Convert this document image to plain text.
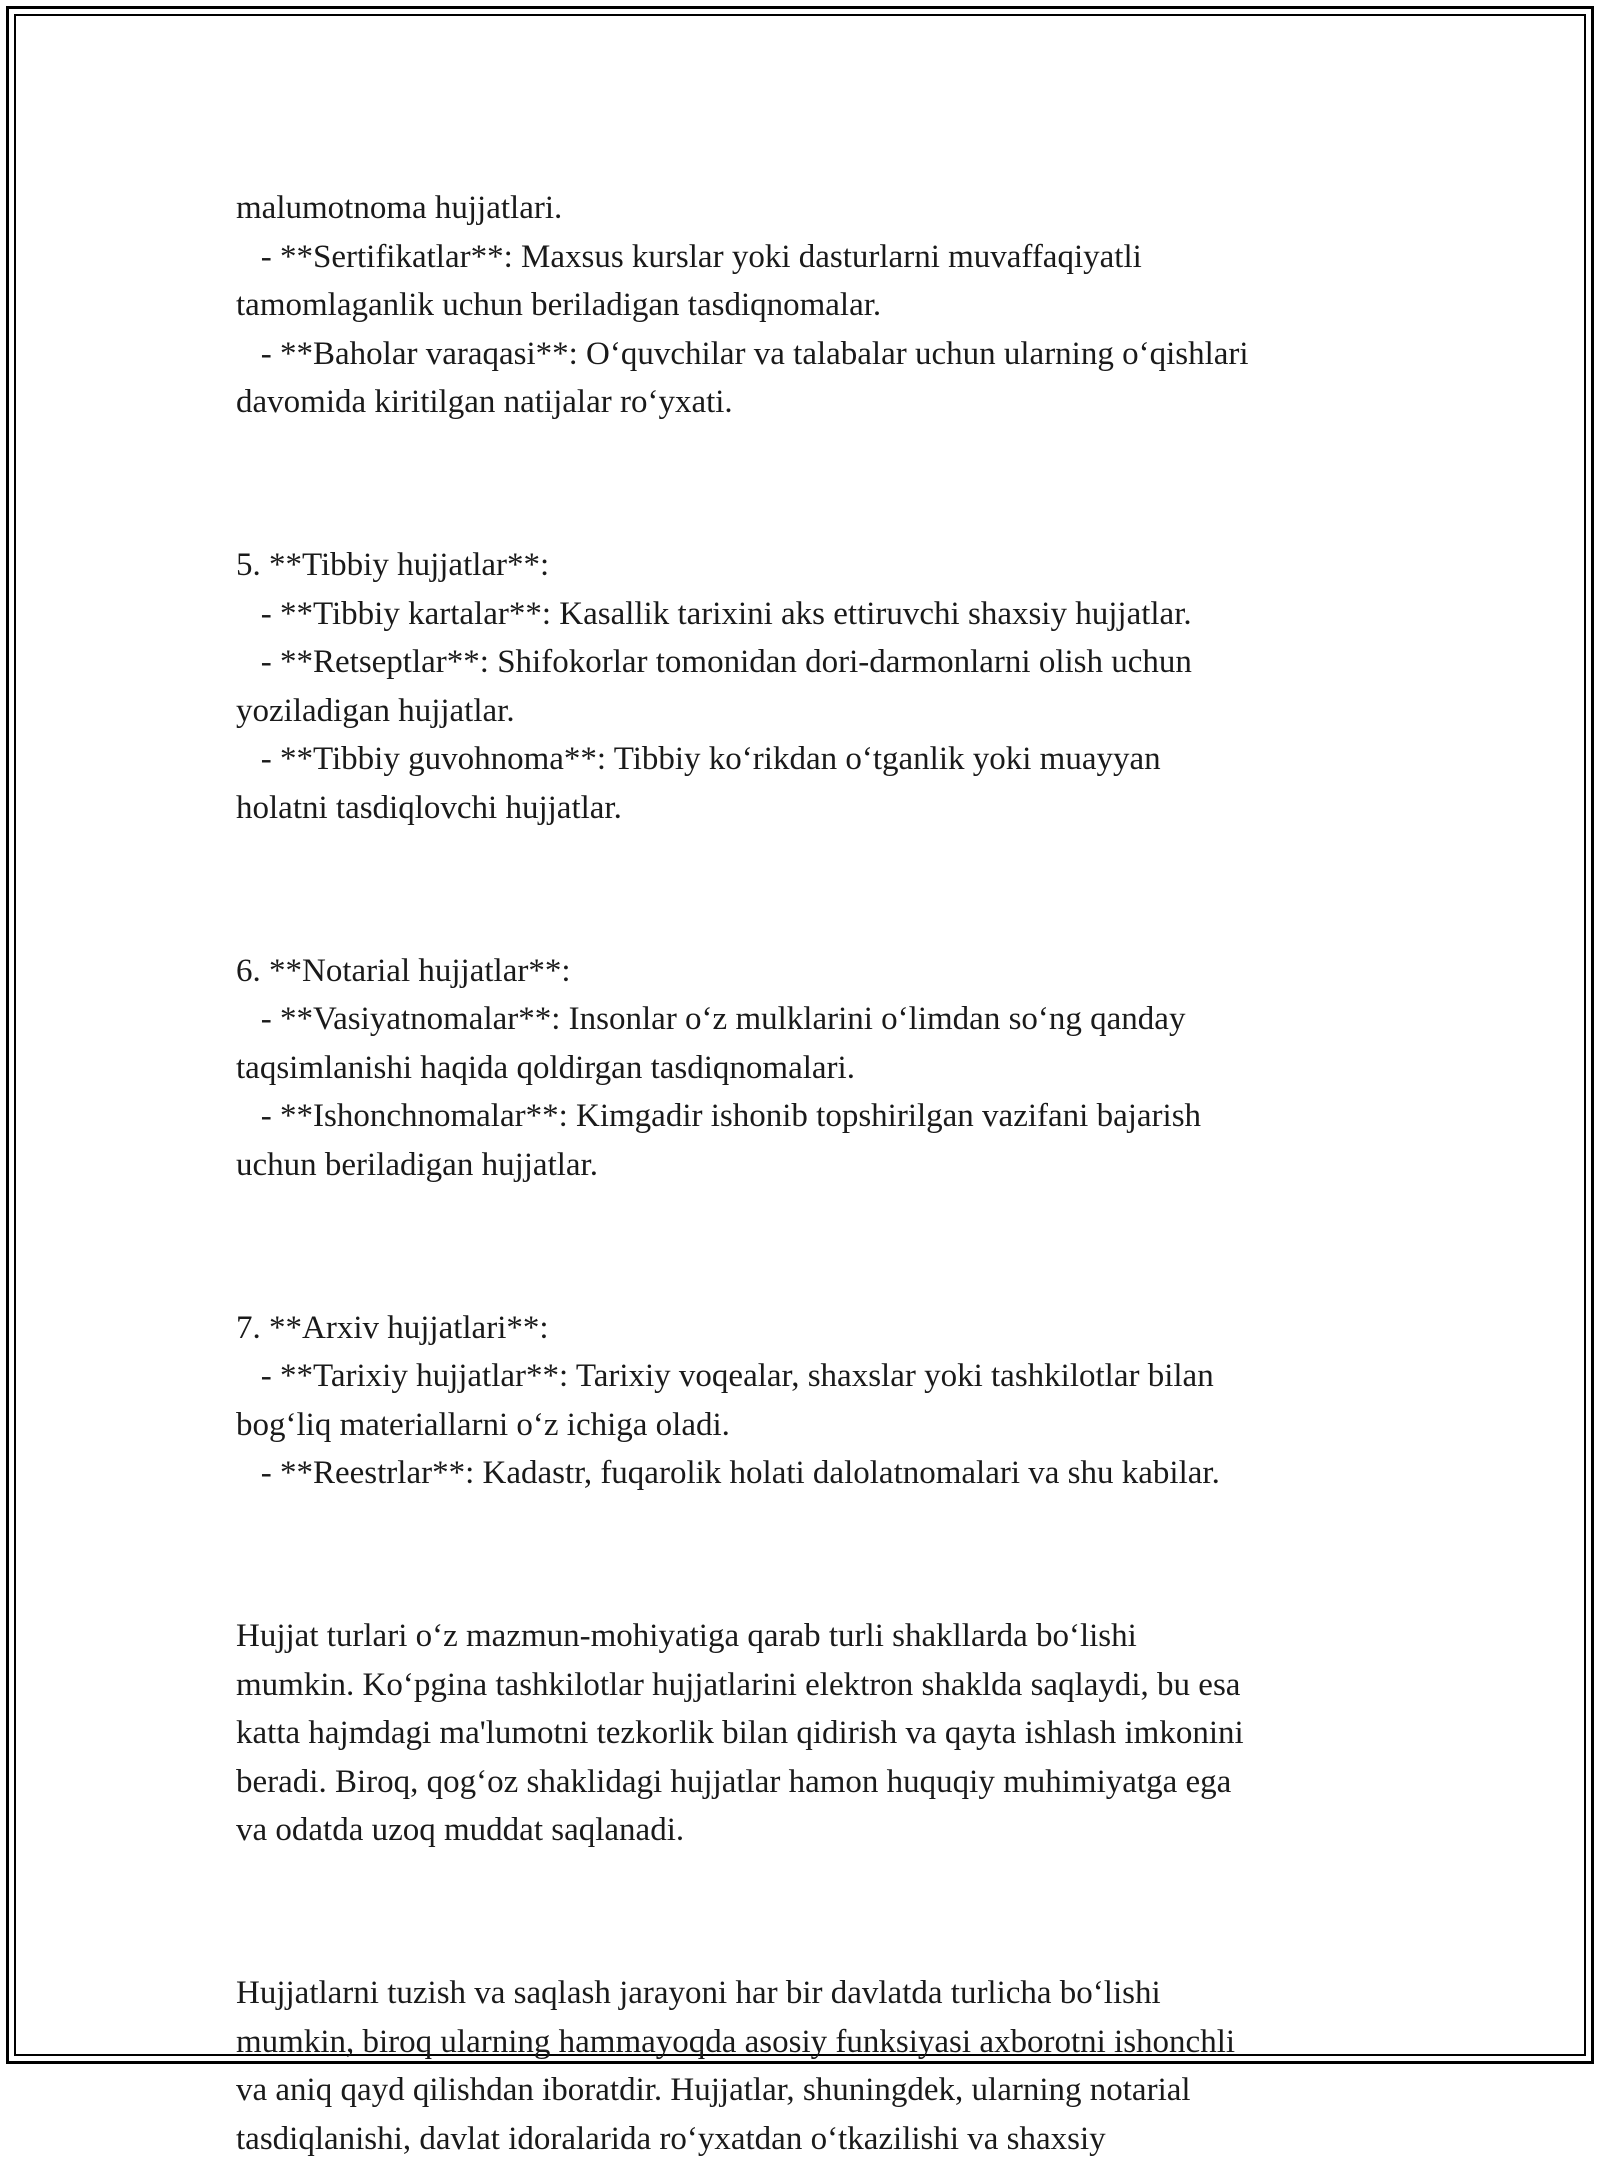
malumotnoma hujjatlari.

- **Sertifikatlar**: Maxsus kurslar yoki dasturlarni muvaffaqiyatli

tamomlaganlik uchun beriladigan tasdiqnomalar.

- **Baholar varaqasi**: O‘quvchilar va talabalar uchun ularning o‘qishlari

davomida kiritilgan natijalar ro‘yxati.

5. **Tibbiy hujjatlar**:

- **Tibbiy kartalar**: Kasallik tarixini aks ettiruvchi shaxsiy hujjatlar.

- **Retseptlar**: Shifokorlar tomonidan dori-darmonlarni olish uchun

yoziladigan hujjatlar.

- **Tibbiy guvohnoma**: Tibbiy ko‘rikdan o‘tganlik yoki muayyan

holatni tasdiqlovchi hujjatlar.

6. **Notarial hujjatlar**:

- **Vasiyatnomalar**: Insonlar o‘z mulklarini o‘limdan so‘ng qanday

taqsimlanishi haqida qoldirgan tasdiqnomalari.

- **Ishonchnomalar**: Kimgadir ishonib topshirilgan vazifani bajarish

uchun beriladigan hujjatlar.

7. **Arxiv hujjatlari**:

- **Tarixiy hujjatlar**: Tarixiy voqealar, shaxslar yoki tashkilotlar bilan

bog‘liq materiallarni o‘z ichiga oladi.

- **Reestrlar**: Kadastr, fuqarolik holati dalolatnomalari va shu kabilar.

Hujjat turlari o‘z mazmun-mohiyatiga qarab turli shakllarda bo‘lishi

mumkin. Ko‘pgina tashkilotlar hujjatlarini elektron shaklda saqlaydi, bu esa

katta hajmdagi ma'lumotni tezkorlik bilan qidirish va qayta ishlash imkonini

beradi. Biroq, qog‘oz shaklidagi hujjatlar hamon huquqiy muhimiyatga ega

va odatda uzoq muddat saqlanadi.

Hujjatlarni tuzish va saqlash jarayoni har bir davlatda turlicha bo‘lishi

mumkin, biroq ularning hammayoqda asosiy funksiyasi axborotni ishonchli

va aniq qayd qilishdan iboratdir. Hujjatlar, shuningdek, ularning notarial

tasdiqlanishi, davlat idoralarida ro‘yxatdan o‘tkazilishi va shaxsiy
